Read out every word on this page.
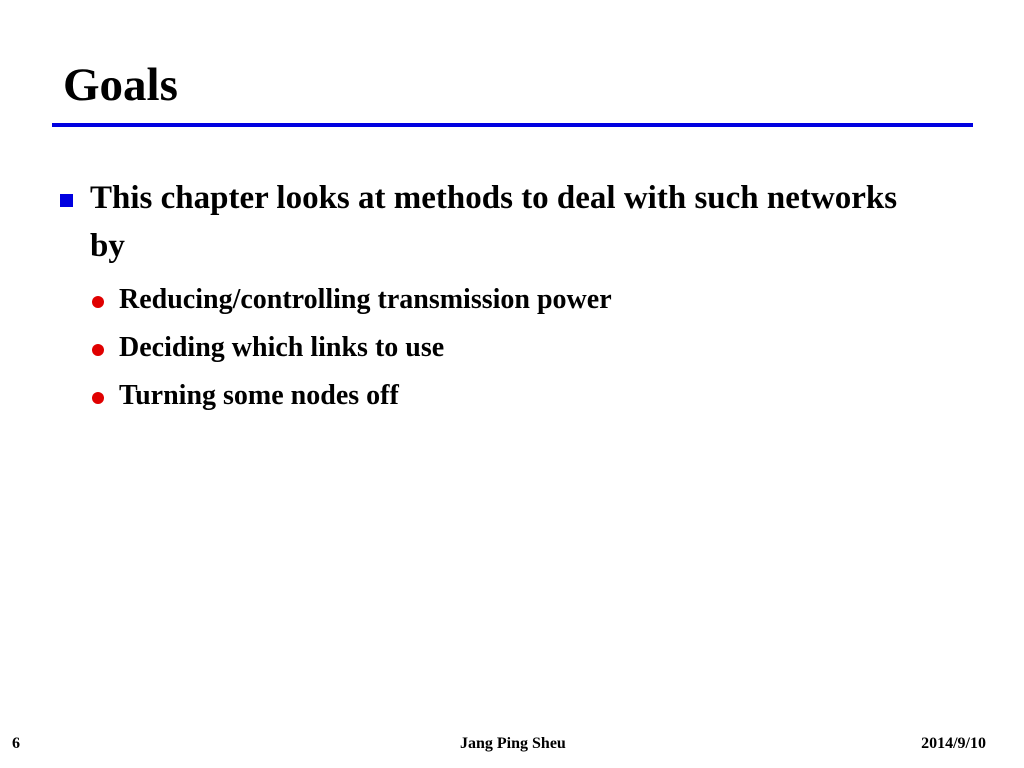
Goals
This chapter looks at methods to deal with such networks by
Reducing/controlling transmission power
Deciding which links to use
Turning some nodes off
6	Jang Ping Sheu	2014/9/10
